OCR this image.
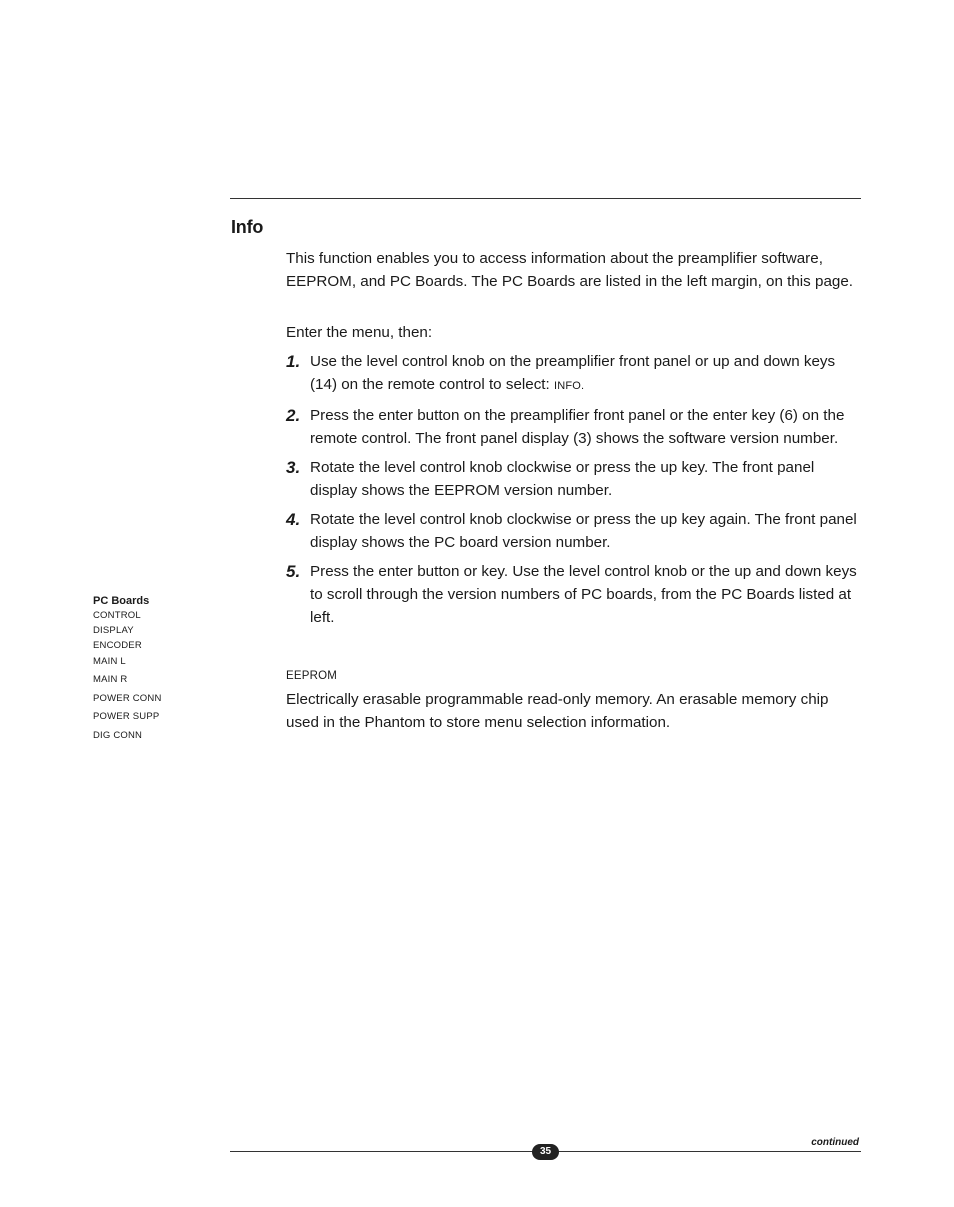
Info

This function enables you to access information about the preamplifier software, EEPROM, and PC Boards. The PC Boards are listed in the left margin, on this page.

Enter the menu, then:

1. Use the level control knob on the preamplifier front panel or up and down keys (14) on the remote control to select: INFO.
2. Press the enter button on the preamplifier front panel or the enter key (6) on the remote control. The front panel display (3) shows the software version number.
3. Rotate the level control knob clockwise or press the up key. The front panel display shows the EEPROM version number.
4. Rotate the level control knob clockwise or press the up key again. The front panel display shows the PC board version number.
5. Press the enter button or key. Use the level control knob or the up and down keys to scroll through the version numbers of PC boards, from the PC Boards listed at left.
EEPROM

Electrically erasable programmable read-only memory. An erasable memory chip used in the Phantom to store menu selection information.

PC Boards
CONTROL
DISPLAY
ENCODER
MAIN L
MAIN R
POWER CONN
POWER SUPP
DIG CONN
continued
35
